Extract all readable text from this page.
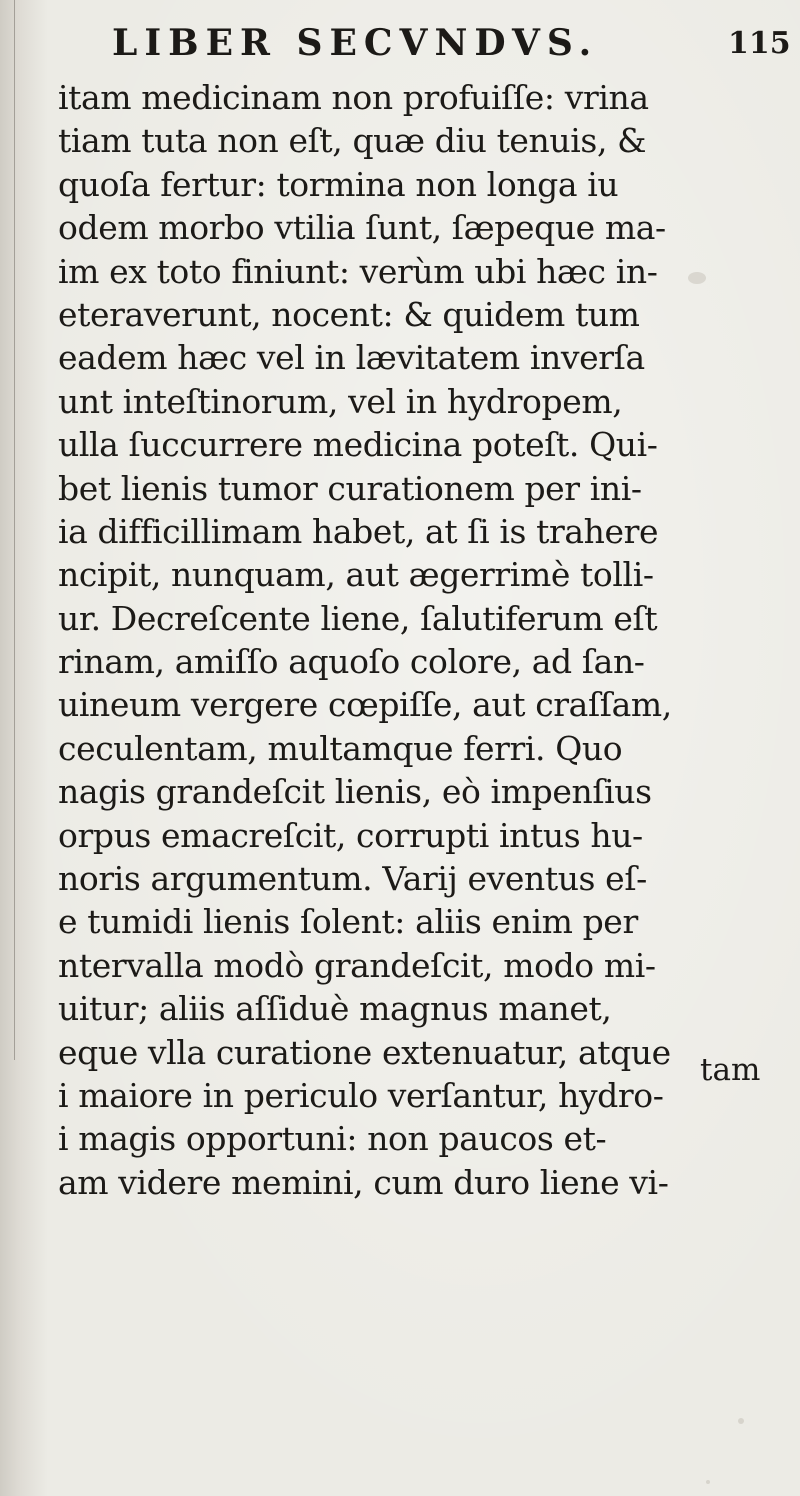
LIBER SECVNDVS.	115
itam medicinam non profuiſſe: vrina
tiam tuta non eſt, quæ diu tenuis, &
quoſa fertur: tormina non longa iu
odem morbo vtilia ſunt, ſæpeque ma-
im ex toto finiunt: verùm ubi hæc in-
eteraverunt, nocent: & quidem tum
eadem hæc vel in lævitatem inverſa
unt inteſtinorum, vel in hydropem,
ulla ſuccurrere medicina poteſt. Qui-
bet lienis tumor curationem per ini-
ia difficillimam habet, at ſi is trahere
ncipit, nunquam, aut ægerrimè tolli-
ur. Decreſcente liene, ſalutiferum eſt
rinam, amiſſo aquoſo colore, ad ſan-
uineum vergere cœpiſſe, aut craſſam,
ceculentam, multamque ferri. Quo
nagis grandeſcit lienis, eò impenſius
orpus emacreſcit, corrupti intus hu-
noris argumentum. Varij eventus eſ-
e tumidi lienis ſolent: aliis enim per
ntervalla modò grandeſcit, modo mi-
uitur; aliis aſſiduè magnus manet,
eque vlla curatione extenuatur, atque
i maiore in periculo verſantur, hydro-
i magis opportuni: non paucos et-
am videre memini, cum duro liene vi-
tam
